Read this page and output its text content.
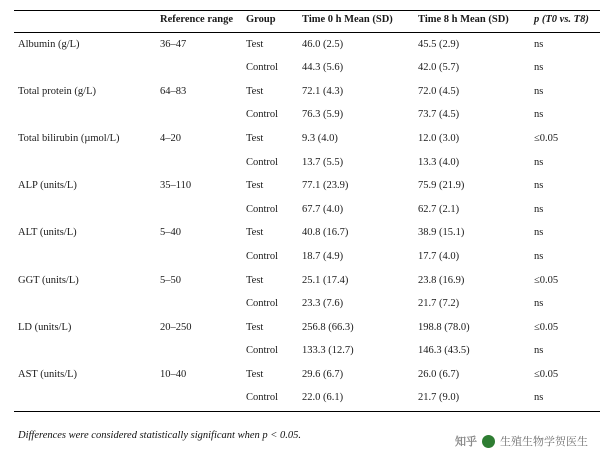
	Reference range	Group	Time 0 h Mean (SD)	Time 8 h Mean (SD)	p (T0 vs. T8)
Albumin (g/L)	36–47	Test	46.0 (2.5)	45.5 (2.9)	ns
		Control	44.3 (5.6)	42.0 (5.7)	ns
Total protein (g/L)	64–83	Test	72.1 (4.3)	72.0 (4.5)	ns
		Control	76.3 (5.9)	73.7 (4.5)	ns
Total bilirubin (µmol/L)	4–20	Test	9.3 (4.0)	12.0 (3.0)	≤0.05
		Control	13.7 (5.5)	13.3 (4.0)	ns
ALP (units/L)	35–110	Test	77.1 (23.9)	75.9 (21.9)	ns
		Control	67.7 (4.0)	62.7 (2.1)	ns
ALT (units/L)	5–40	Test	40.8 (16.7)	38.9 (15.1)	ns
		Control	18.7 (4.9)	17.7 (4.0)	ns
GGT (units/L)	5–50	Test	25.1 (17.4)	23.8 (16.9)	≤0.05
		Control	23.3 (7.6)	21.7 (7.2)	ns
LD (units/L)	20–250	Test	256.8 (66.3)	198.8 (78.0)	≤0.05
		Control	133.3 (12.7)	146.3 (43.5)	ns
AST (units/L)	10–40	Test	29.6 (6.7)	26.0 (6.7)	≤0.05
		Control	22.0 (6.1)	21.7 (9.0)	ns
Differences were considered statistically significant when p < 0.05.
知乎 生殖生物学贺医生
